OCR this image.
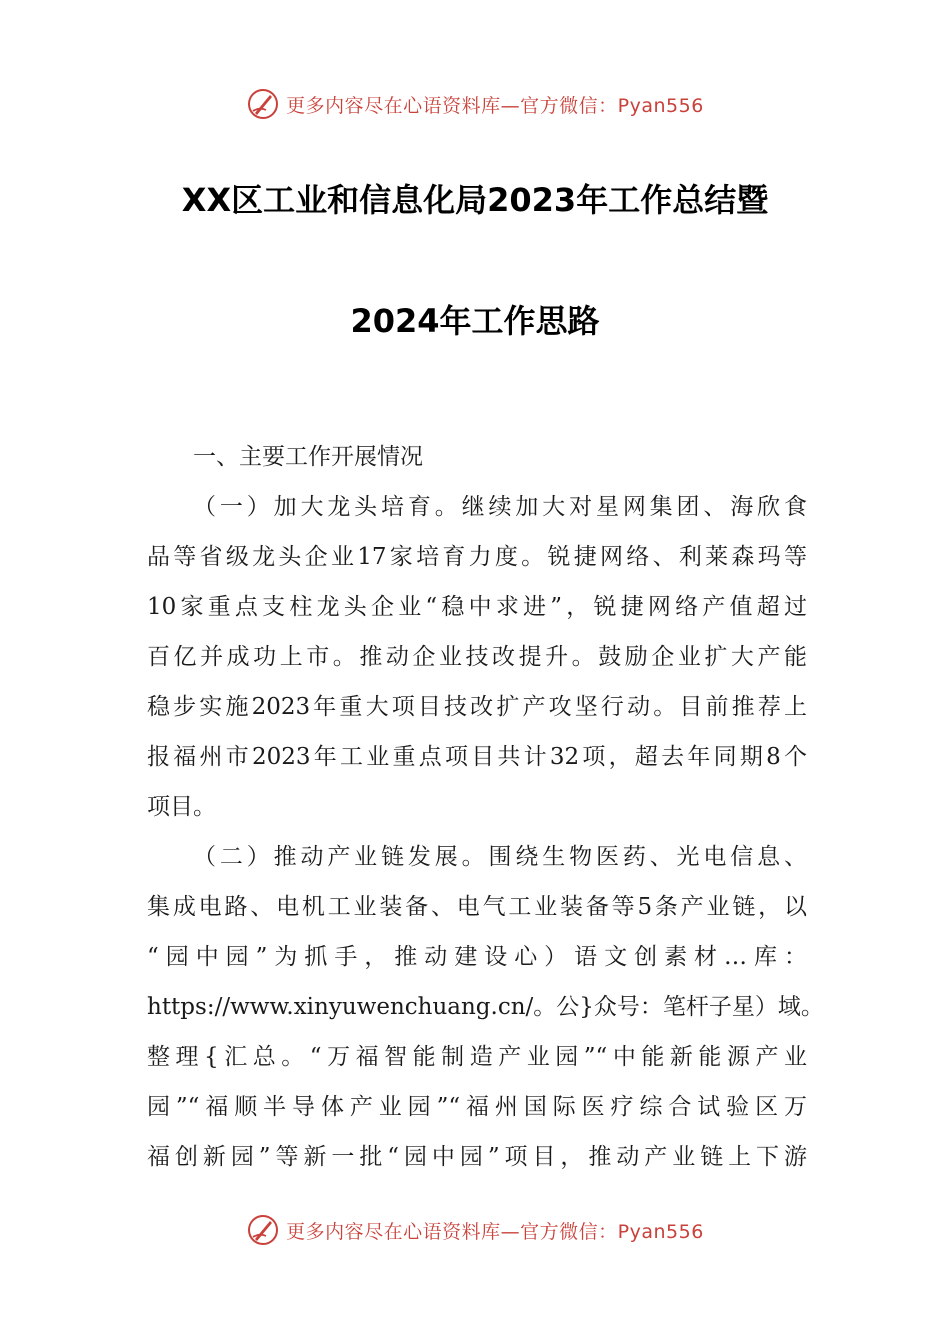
更多内容尽在心语资料库—官方微信：Pyan556
XX区工业和信息化局2023年工作总结暨
2024年工作思路
一、主要工作开展情况
（一）加大龙头培育。继续加大对星网集团、海欣食
品等省级龙头企业17家培育力度。锐捷网络、利莱森玛等
10家重点支柱龙头企业“稳中求进”，锐捷网络产值超过
百亿并成功上市。推动企业技改提升。鼓励企业扩大产能
稳步实施2023年重大项目技改扩产攻坚行动。目前推荐上
报福州市2023年工业重点项目共计32项，超去年同期8个
项目。
（二）推动产业链发展。围绕生物医药、光电信息、
集成电路、电机工业装备、电气工业装备等5条产业链，以
“园中园”为抓手，推动建设心）语文创素材…库：
https://www.xinyuwenchuang.cn/。公}众号：笔杆子星）域。
整理{汇总。“万福智能制造产业园”“中能新能源产业
园”“福顺半导体产业园”“福州国际医疗综合试验区万
福创新园”等新一批“园中园”项目，推动产业链上下游
更多内容尽在心语资料库—官方微信：Pyan556
